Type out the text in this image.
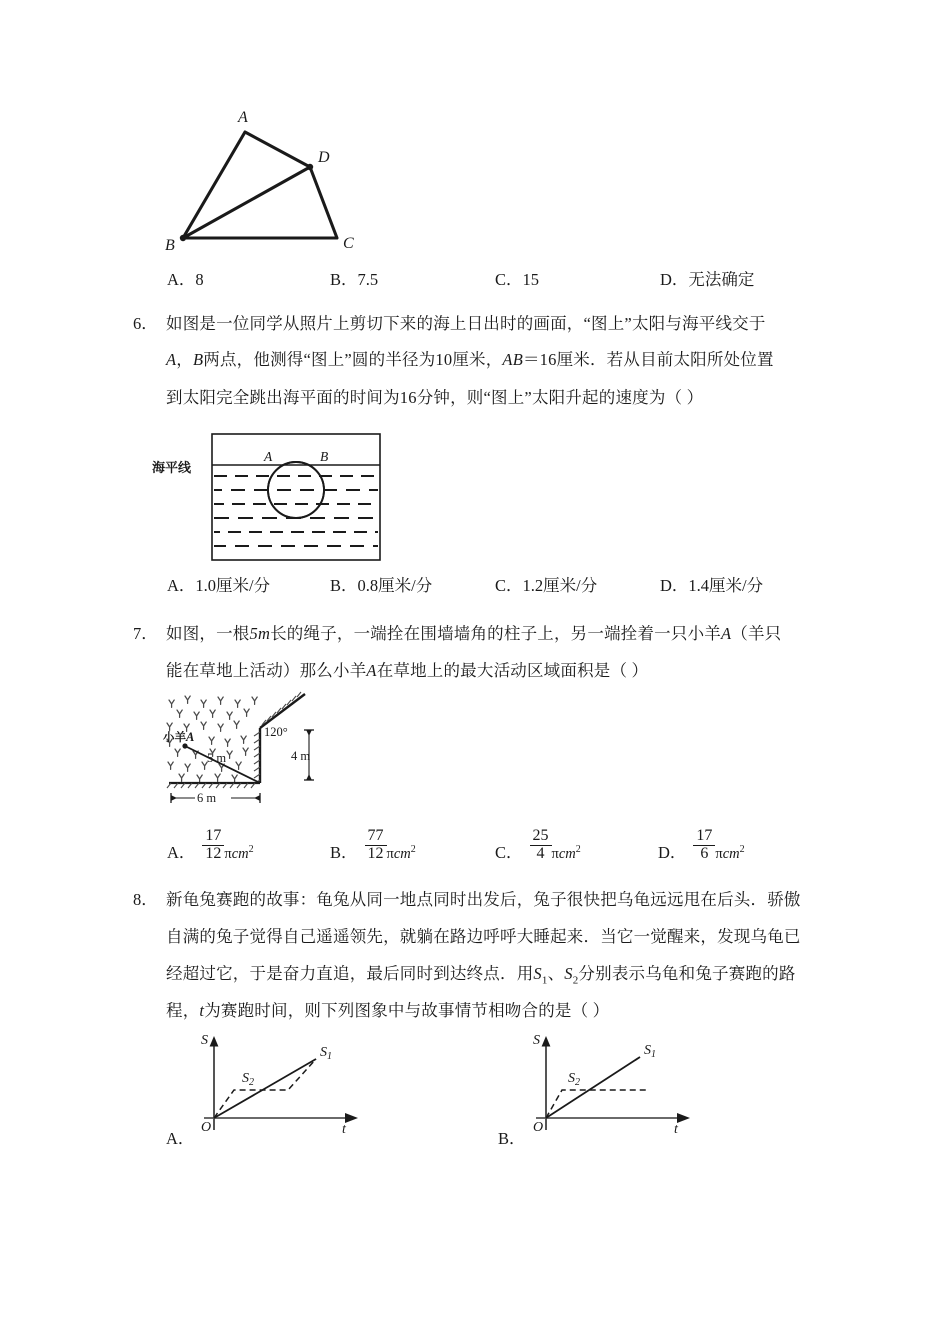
A
D
B	C
A．8	B．7.5	C．15	D．无法确定
6． 如图是一位同学从照片上剪切下来的海上日出时的画面，“图上”太阳与海平线交于
A，B两点，他测得“图上”圆的半径为10厘米，AB＝16厘米．若从目前太阳所处位置
到太阳完全跳出海平面的时间为16分钟，则“图上”太阳升起的速度为（ ）
海平线
A	B
A．1.0厘米/分	B．0.8厘米/分	C．1.2厘米/分	D．1.4厘米/分
7． 如图，一根5m长的绳子，一端拴在围墙墙角的柱子上，另一端拴着一只小羊A（羊只
能在草地上活动）那么小羊A在草地上的最大活动区域面积是（ ）
小羊A
5 m
120°
4 m
6 m
A． $\frac{17}{12} \pi cm^2$	B． $\frac{77}{12} \pi cm^2$	C． $\frac{25}{4} \pi cm^2$	D． $\frac{17}{6} \pi cm^2$
8． 新龟兔赛跑的故事：龟兔从同一地点同时出发后，兔子很快把乌龟远远甩在后头．骄傲
自满的兔子觉得自己遥遥领先，就躺在路边呼呼大睡起来．当它一觉醒来，发现乌龟已
经超过它，于是奋力直追，最后同时到达终点．用$S_1$、$S_2$分别表示乌龟和兔子赛跑的路
程，t为赛跑时间，则下列图象中与故事情节相吻合的是（ ）
S
t
O
$S_1$
$S_2$
A．
S
t
O
$S_1$
$S_2$
B．
